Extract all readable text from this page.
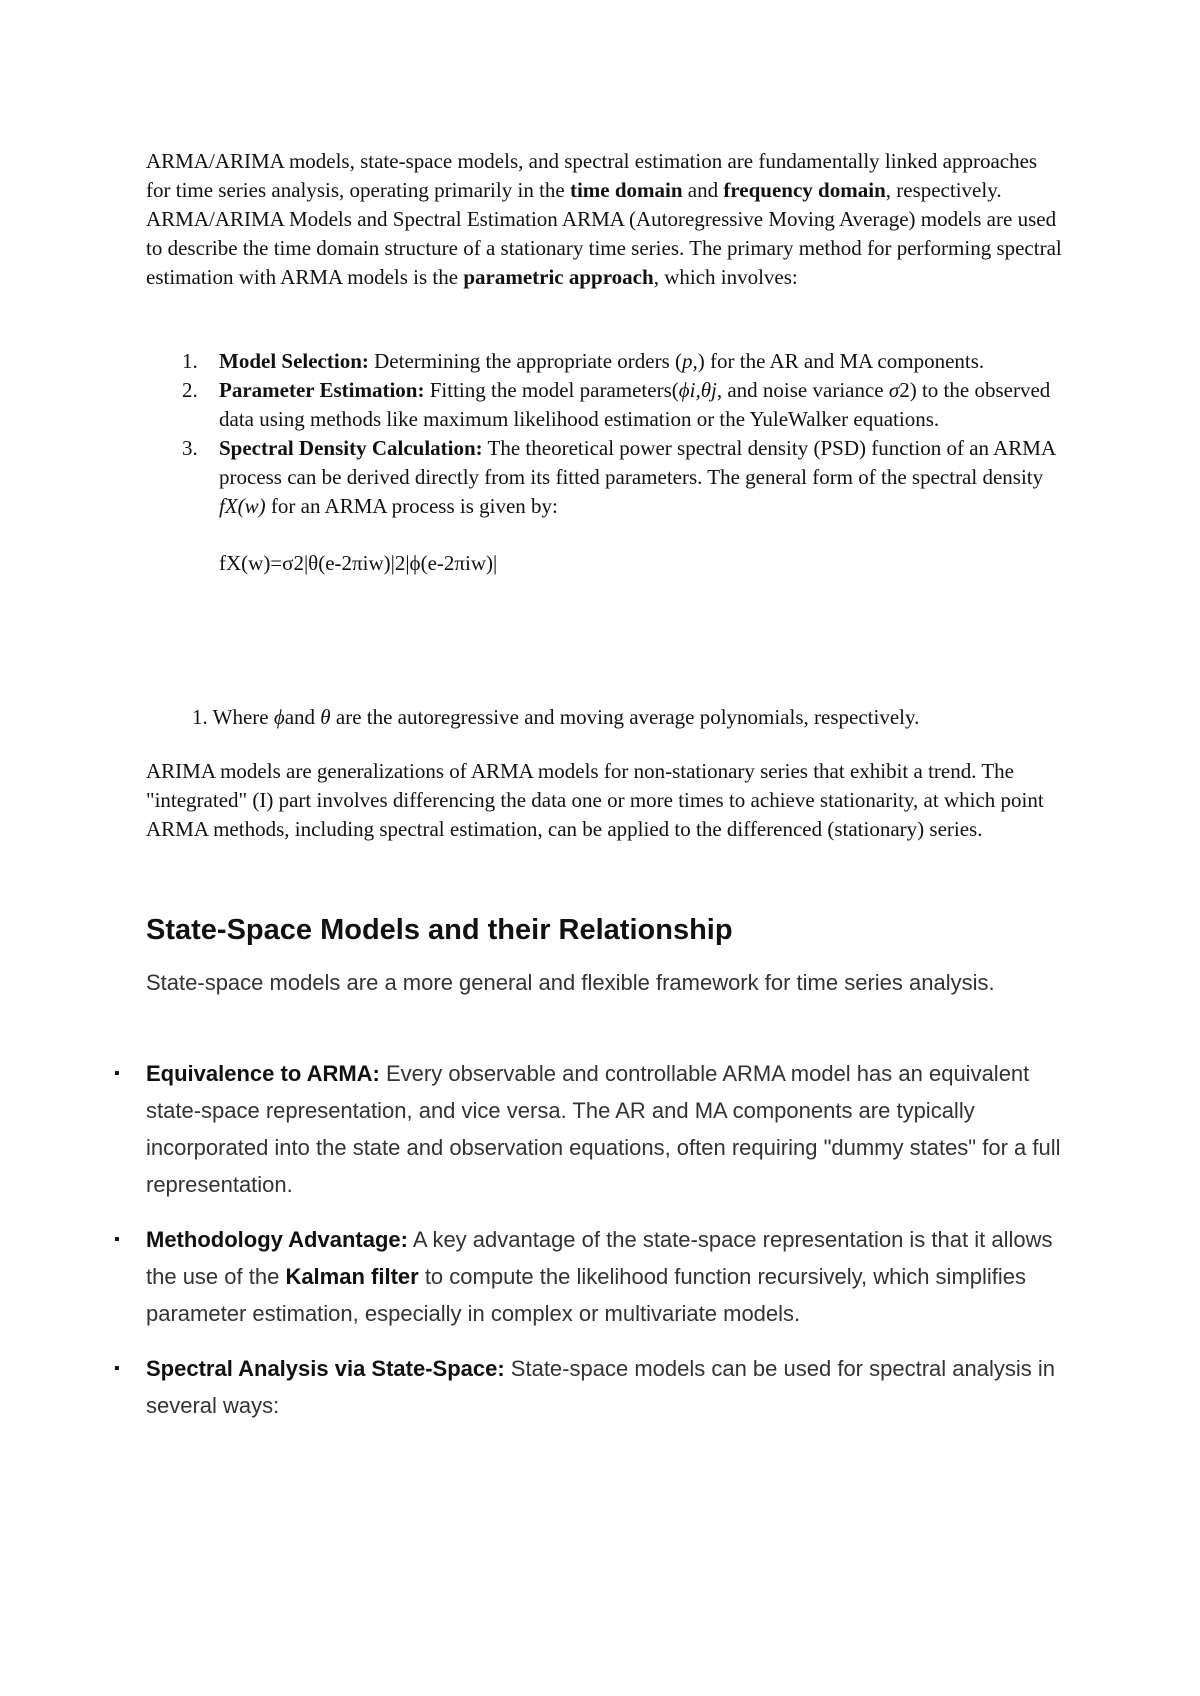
ARMA/ARIMA models, state-space models, and spectral estimation are fundamentally linked approaches for time series analysis, operating primarily in the time domain and frequency domain, respectively. ARMA/ARIMA Models and Spectral Estimation ARMA (Autoregressive Moving Average) models are used to describe the time domain structure of a stationary time series. The primary method for performing spectral estimation with ARMA models is the parametric approach, which involves:

1. Model Selection: Determining the appropriate orders (p,) for the AR and MA components.
2. Parameter Estimation: Fitting the model parameters(ϕi,θj, and noise variance σ2) to the observed data using methods like maximum likelihood estimation or the YuleWalker equations.
3. Spectral Density Calculation: The theoretical power spectral density (PSD) function of an ARMA process can be derived directly from its fitted parameters. The general form of the spectral density fX(w) for an ARMA process is given by:
fX(w)=σ2|θ(e-2πiw)|2|ϕ(e-2πiw)|

1. Where ϕand θ are the autoregressive and moving average polynomials, respectively.

ARIMA models are generalizations of ARMA models for non-stationary series that exhibit a trend. The "integrated" (I) part involves differencing the data one or more times to achieve stationarity, at which point ARMA methods, including spectral estimation, can be applied to the differenced (stationary) series.

State-Space Models and their Relationship

State-space models are a more general and flexible framework for time series analysis.

▪ Equivalence to ARMA: Every observable and controllable ARMA model has an equivalent state-space representation, and vice versa. The AR and MA components are typically incorporated into the state and observation equations, often requiring "dummy states" for a full representation.
▪ Methodology Advantage: A key advantage of the state-space representation is that it allows the use of the Kalman filter to compute the likelihood function recursively, which simplifies parameter estimation, especially in complex or multivariate models.
▪ Spectral Analysis via State-Space: State-space models can be used for spectral analysis in several ways:
